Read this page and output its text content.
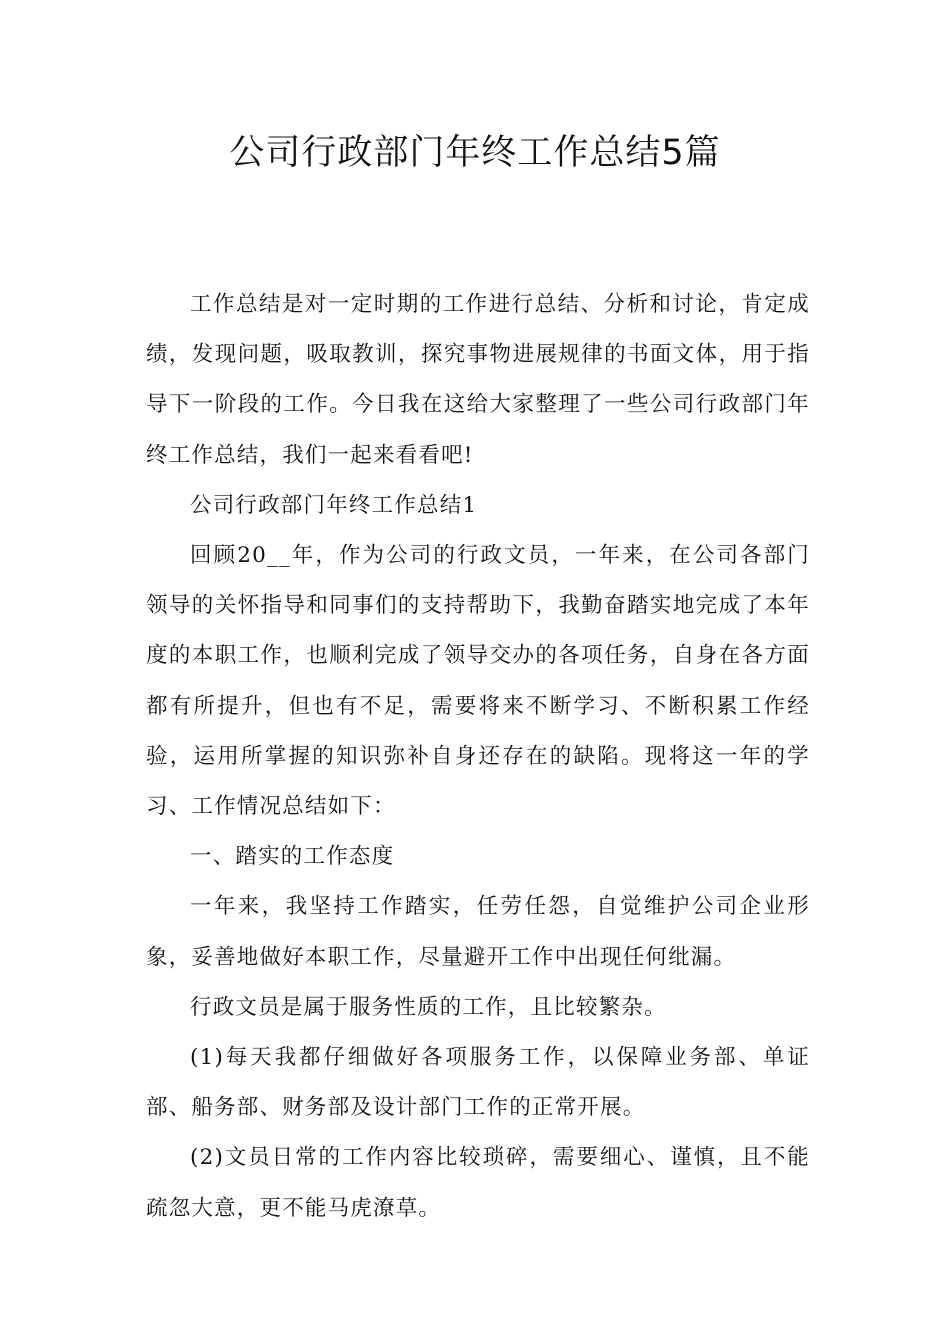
公司行政部门年终工作总结5篇

工作总结是对一定时期的工作进行总结、分析和讨论，肯定成绩，发现问题，吸取教训，探究事物进展规律的书面文体，用于指导下一阶段的工作。今日我在这给大家整理了一些公司行政部门年终工作总结，我们一起来看看吧!

公司行政部门年终工作总结1

回顾20__年，作为公司的行政文员，一年来，在公司各部门领导的关怀指导和同事们的支持帮助下，我勤奋踏实地完成了本年度的本职工作，也顺利完成了领导交办的各项任务，自身在各方面都有所提升，但也有不足，需要将来不断学习、不断积累工作经验，运用所掌握的知识弥补自身还存在的缺陷。现将这一年的学习、工作情况总结如下：

一、踏实的工作态度

一年来，我坚持工作踏实，任劳任怨，自觉维护公司企业形象，妥善地做好本职工作，尽量避开工作中出现任何纰漏。

行政文员是属于服务性质的工作，且比较繁杂。

(1)每天我都仔细做好各项服务工作，以保障业务部、单证部、船务部、财务部及设计部门工作的正常开展。

(2)文员日常的工作内容比较琐碎，需要细心、谨慎，且不能疏忽大意，更不能马虎潦草。
